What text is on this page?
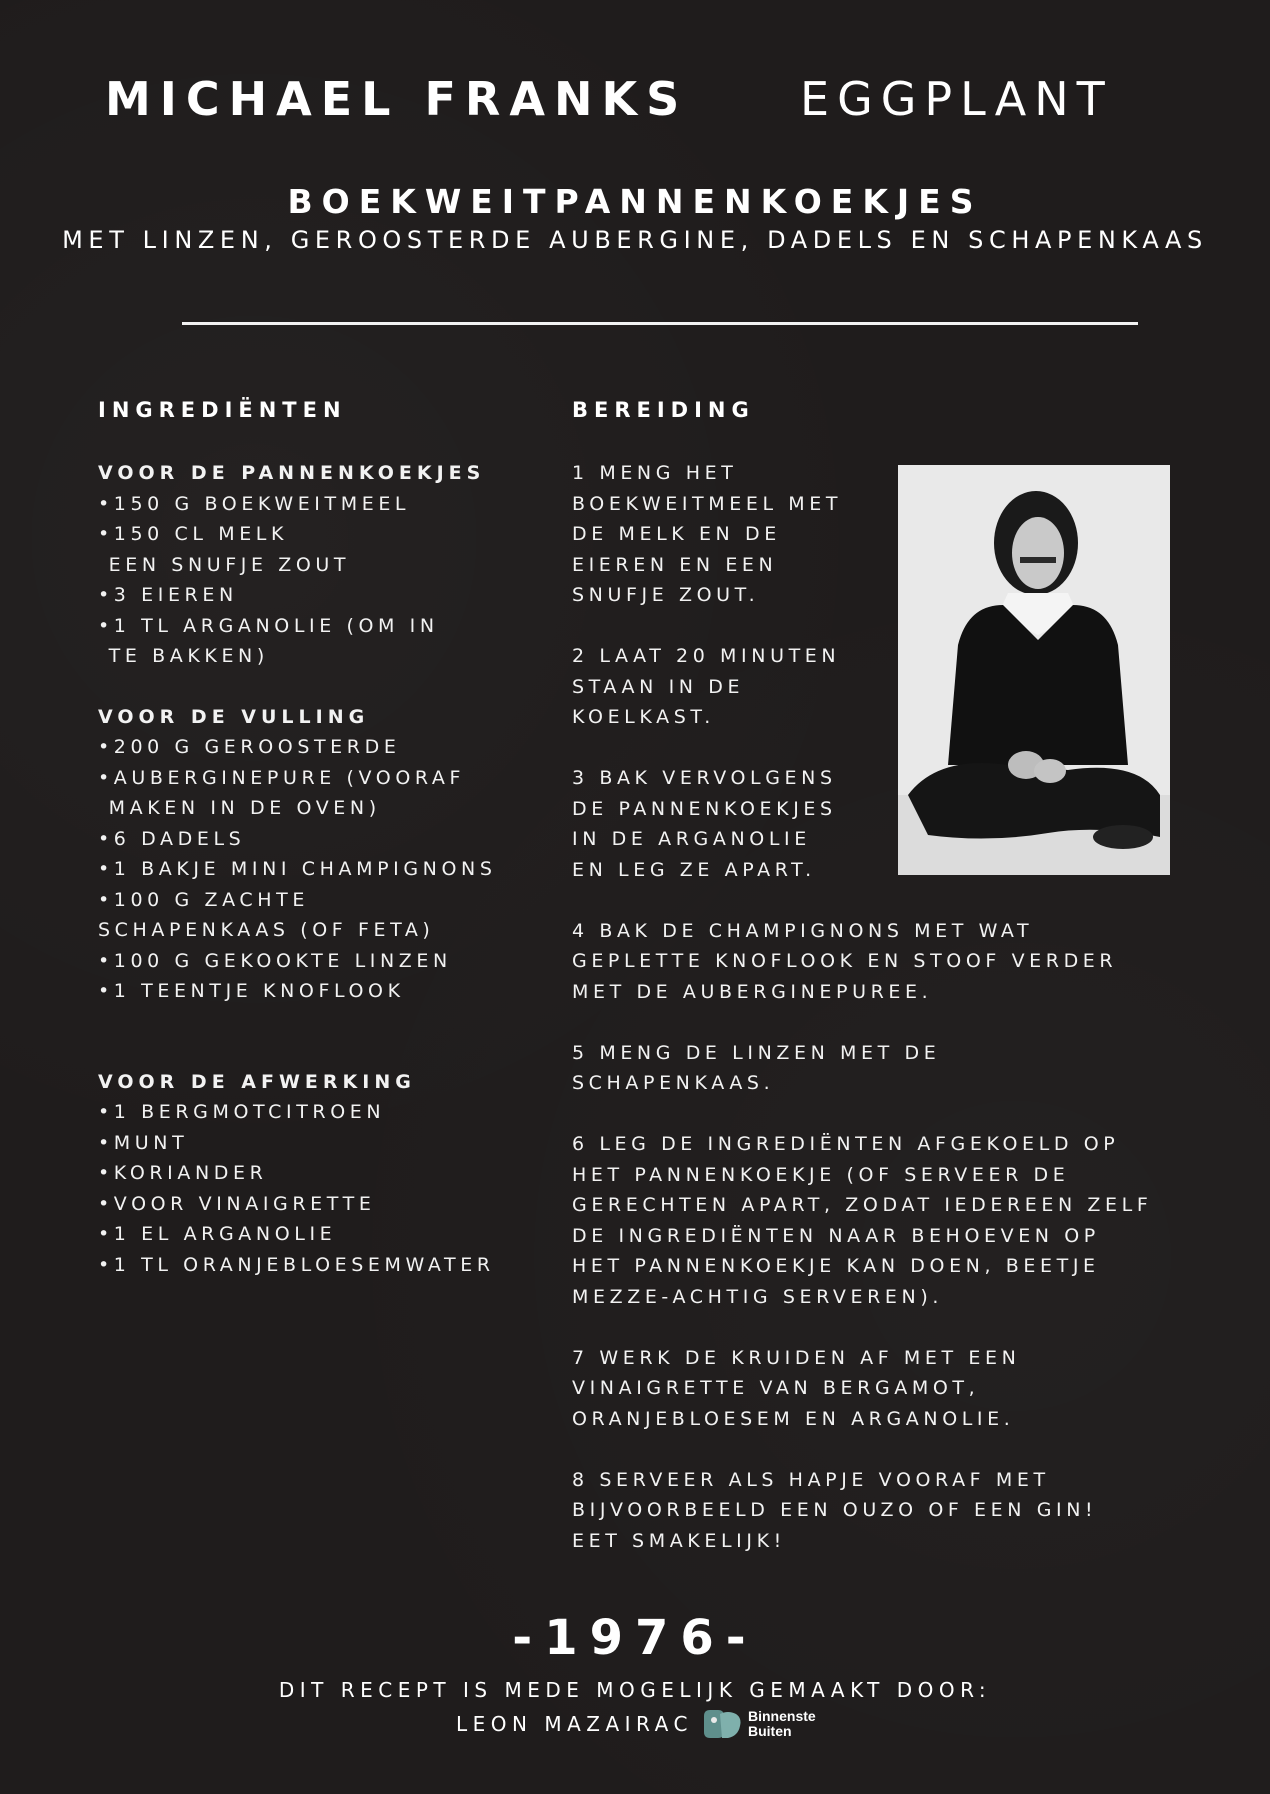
MICHAEL FRANKS EGGPLANT
BOEKWEITPANNENKOEKJES
MET LINZEN, GEROOSTERDE AUBERGINE, DADELS EN SCHAPENKAAS
INGREDIËNTEN	BEREIDING
VOOR DE PANNENKOEKJES
•150 G BOEKWEITMEEL
•150 CL MELK
EEN SNUFJE ZOUT
•3 EIEREN
•1 TL ARGANOLIE (OM IN
TE BAKKEN)
VOOR DE VULLING
•200 G GEROOSTERDE
•AUBERGINEPURE (VOORAF
MAKEN IN DE OVEN)
•6 DADELS
•1 BAKJE MINI CHAMPIGNONS
•100 G ZACHTE
SCHAPENKAAS (OF FETA)
•100 G GEKOOKTE LINZEN
•1 TEENTJE KNOFLOOK
VOOR DE AFWERKING
•1 BERGMOTCITROEN
•MUNT
•KORIANDER
•VOOR VINAIGRETTE
•1 EL ARGANOLIE
•1 TL ORANJEBLOESEMWATER
1 MENG HET
BOEKWEITMEEL MET
DE MELK EN DE
EIEREN EN EEN
SNUFJE ZOUT.
2 LAAT 20 MINUTEN
STAAN IN DE
KOELKAST.
3 BAK VERVOLGENS
DE PANNENKOEKJES
IN DE ARGANOLIE
EN LEG ZE APART.
4 BAK DE CHAMPIGNONS MET WAT
GEPLETTE KNOFLOOK EN STOOF VERDER
MET DE AUBERGINEPUREE.
5 MENG DE LINZEN MET DE
SCHAPENKAAS.
6 LEG DE INGREDIËNTEN AFGEKOELD OP
HET PANNENKOEKJE (OF SERVEER DE
GERECHTEN APART, ZODAT IEDEREEN ZELF
DE INGREDIËNTEN NAAR BEHOEVEN OP
HET PANNENKOEKJE KAN DOEN, BEETJE
MEZZE-ACHTIG SERVEREN).
7 WERK DE KRUIDEN AF MET EEN
VINAIGRETTE VAN BERGAMOT,
ORANJEBLOESEM EN ARGANOLIE.
8 SERVEER ALS HAPJE VOORAF MET
BIJVOORBEELD EEN OUZO OF EEN GIN!
EET SMAKELIJK!
-1976-
DIT RECEPT IS MEDE MOGELIJK GEMAAKT DOOR:
LEON MAZAIRAC	Binnenste Buiten
